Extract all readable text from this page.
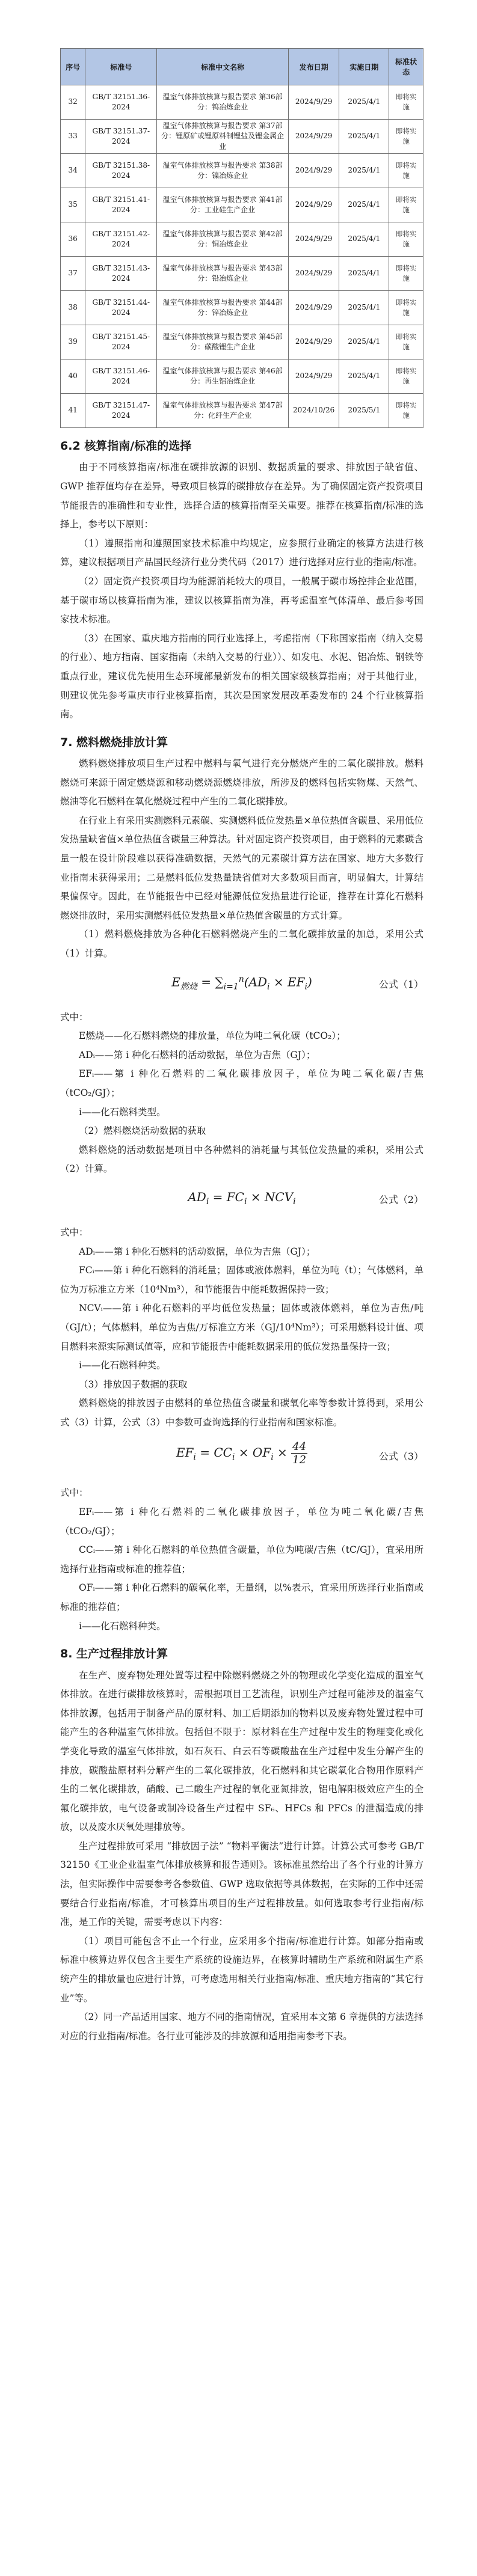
序号	标准号	标准中文名称	发布日期	实施日期	标准状态
32	GB/T 32151.36-2024	温室气体排放核算与报告要求 第36部分：钨冶炼企业	2024/9/29	2025/4/1	即将实施
33	GB/T 32151.37-2024	温室气体排放核算与报告要求 第37部分：锂原矿或锂原料制锂盐及锂金属企业	2024/9/29	2025/4/1	即将实施
34	GB/T 32151.38-2024	温室气体排放核算与报告要求 第38部分：镍冶炼企业	2024/9/29	2025/4/1	即将实施
35	GB/T 32151.41-2024	温室气体排放核算与报告要求 第41部分：工业硅生产企业	2024/9/29	2025/4/1	即将实施
36	GB/T 32151.42-2024	温室气体排放核算与报告要求 第42部分：铜冶炼企业	2024/9/29	2025/4/1	即将实施
37	GB/T 32151.43-2024	温室气体排放核算与报告要求 第43部分：铅冶炼企业	2024/9/29	2025/4/1	即将实施
38	GB/T 32151.44-2024	温室气体排放核算与报告要求 第44部分：锌冶炼企业	2024/9/29	2025/4/1	即将实施
39	GB/T 32151.45-2024	温室气体排放核算与报告要求 第45部分：碳酸锂生产企业	2024/9/29	2025/4/1	即将实施
40	GB/T 32151.46-2024	温室气体排放核算与报告要求 第46部分：再生铝冶炼企业	2024/9/29	2025/4/1	即将实施
41	GB/T 32151.47-2024	温室气体排放核算与报告要求 第47部分：化纤生产企业	2024/10/26	2025/5/1	即将实施
6.2 核算指南/标准的选择

由于不同核算指南/标准在碳排放源的识别、数据质量的要求、排放因子缺省值、GWP 推荐值均存在差异，导致项目核算的碳排放存在差异。为了确保固定资产投资项目节能报告的准确性和专业性，选择合适的核算指南至关重要。推荐在核算指南/标准的选择上，参考以下原则：

（1）遵照指南和遵照国家技术标准中均规定，应参照行业确定的核算方法进行核算，建议根据项目产品国民经济行业分类代码（2017）进行选择对应行业的指南/标准。

（2）固定资产投资项目均为能源消耗较大的项目，一般属于碳市场控排企业范围，基于碳市场以核算指南为准，建议以核算指南为准，再考虑温室气体清单、最后参考国家技术标准。

（3）在国家、重庆地方指南的同行业选择上，考虑指南（下称国家指南（纳入交易的行业）、地方指南、国家指南（未纳入交易的行业））、如发电、水泥、铝冶炼、钢铁等重点行业，建议优先使用生态环境部最新发布的相关国家级核算指南；对于其他行业，则建议优先参考重庆市行业核算指南，其次是国家发展改革委发布的 24 个行业核算指南。

7. 燃料燃烧排放计算

燃料燃烧排放项目生产过程中燃料与氧气进行充分燃烧产生的二氧化碳排放。燃料燃烧可来源于固定燃烧源和移动燃烧源燃烧排放，所涉及的燃料包括实物煤、天然气、燃油等化石燃料在氧化燃烧过程中产生的二氧化碳排放。

在行业上有采用实测燃料元素碳、实测燃料低位发热量×单位热值含碳量、采用低位发热量缺省值×单位热值含碳量三种算法。针对固定资产投资项目，由于燃料的元素碳含量一般在设计阶段难以获得准确数据，天然气的元素碳计算方法在国家、地方大多数行业指南未获得采用；二是燃料低位发热量缺省值对大多数项目而言，明显偏大，计算结果偏保守。因此，在节能报告中已经对能源低位发热量进行论证，推荐在计算化石燃料燃烧排放时，采用实测燃料低位发热量×单位热值含碳量的方式计算。

（1）燃料燃烧排放为各种化石燃料燃烧产生的二氧化碳排放量的加总，采用公式（1）计算。

$E_{燃烧} = \sum_{i=1}^n(AD_i \times EF_i)$	公式（1）

式中：

E燃烧——化石燃料燃烧的排放量，单位为吨二氧化碳（tCO₂）；

ADᵢ——第 i 种化石燃料的活动数据，单位为吉焦（GJ）；

EFᵢ——第 i 种化石燃料的二氧化碳排放因子，单位为吨二氧化碳/吉焦（tCO₂/GJ）；

i——化石燃料类型。

（2）燃料燃烧活动数据的获取

燃料燃烧的活动数据是项目中各种燃料的消耗量与其低位发热量的乘积，采用公式（2）计算。

$AD_i = FC_i \times NCV_i$	公式（2）

式中：

ADᵢ——第 i 种化石燃料的活动数据，单位为吉焦（GJ）；

FCᵢ——第 i 种化石燃料的消耗量；固体或液体燃料，单位为吨（t）；气体燃料，单位为万标准立方米（10⁴Nm³），和节能报告中能耗数据保持一致；

NCVᵢ——第 i 种化石燃料的平均低位发热量；固体或液体燃料，单位为吉焦/吨（GJ/t）；气体燃料，单位为吉焦/万标准立方米（GJ/10⁴Nm³）；可采用燃料设计值、项目燃料来源实际测试值等，应和节能报告中能耗数据采用的低位发热量保持一致；

i——化石燃料种类。

（3）排放因子数据的获取

燃料燃烧的排放因子由燃料的单位热值含碳量和碳氧化率等参数计算得到，采用公式（3）计算，公式（3）中参数可查询选择的行业指南和国家标准。

$EF_i = CC_i \times OF_i \times \frac{44}{12}$	公式（3）

式中：

EFᵢ——第 i 种化石燃料的二氧化碳排放因子，单位为吨二氧化碳/吉焦（tCO₂/GJ）；

CCᵢ——第 i 种化石燃料的单位热值含碳量，单位为吨碳/吉焦（tC/GJ），宜采用所选择行业指南或标准的推荐值；

OFᵢ——第 i 种化石燃料的碳氧化率，无量纲，以%表示，宜采用所选择行业指南或标准的推荐值；

i——化石燃料种类。

8. 生产过程排放计算

在生产、废弃物处理处置等过程中除燃料燃烧之外的物理或化学变化造成的温室气体排放。在进行碳排放核算时，需根据项目工艺流程，识别生产过程可能涉及的温室气体排放源，包括用于制备产品的原材料、加工后期添加的物料以及废弃物处置过程中可能产生的各种温室气体排放。包括但不限于：原材料在生产过程中发生的物理变化或化学变化导致的温室气体排放，如石灰石、白云石等碳酸盐在生产过程中发生分解产生的排放，碳酸盐原材料分解产生的二氧化碳排放，化石燃料和其它碳氧化合物用作原料产生的二氧化碳排放，硝酸、己二酸生产过程的氧化亚氮排放，铝电解阳极效应产生的全氟化碳排放，电气设备或制冷设备生产过程中 SF₆、HFCs 和 PFCs 的泄漏造成的排放，以及废水厌氧处理排放等。

生产过程排放可采用 “排放因子法” “物料平衡法”进行计算。计算公式可参考 GB/T 32150《工业企业温室气体排放核算和报告通则》。该标准虽然给出了各个行业的计算方法，但实际操作中需要参考各参数值、GWP 选取依据等具体数据，在实际的工作中还需要结合行业指南/标准，才可核算出项目的生产过程排放量。如何选取参考行业指南/标准，是工作的关键，需要考虑以下内容：

（1）项目可能包含不止一个行业，应采用多个指南/标准进行计算。如部分指南或标准中核算边界仅包含主要生产系统的设施边界，在核算时辅助生产系统和附属生产系统产生的排放量也应进行计算，可考虑选用相关行业指南/标准、重庆地方指南的“其它行业”等。

（2）同一产品适用国家、地方不同的指南情况，宜采用本文第 6 章提供的方法选择对应的行业指南/标准。各行业可能涉及的排放源和适用指南参考下表。
